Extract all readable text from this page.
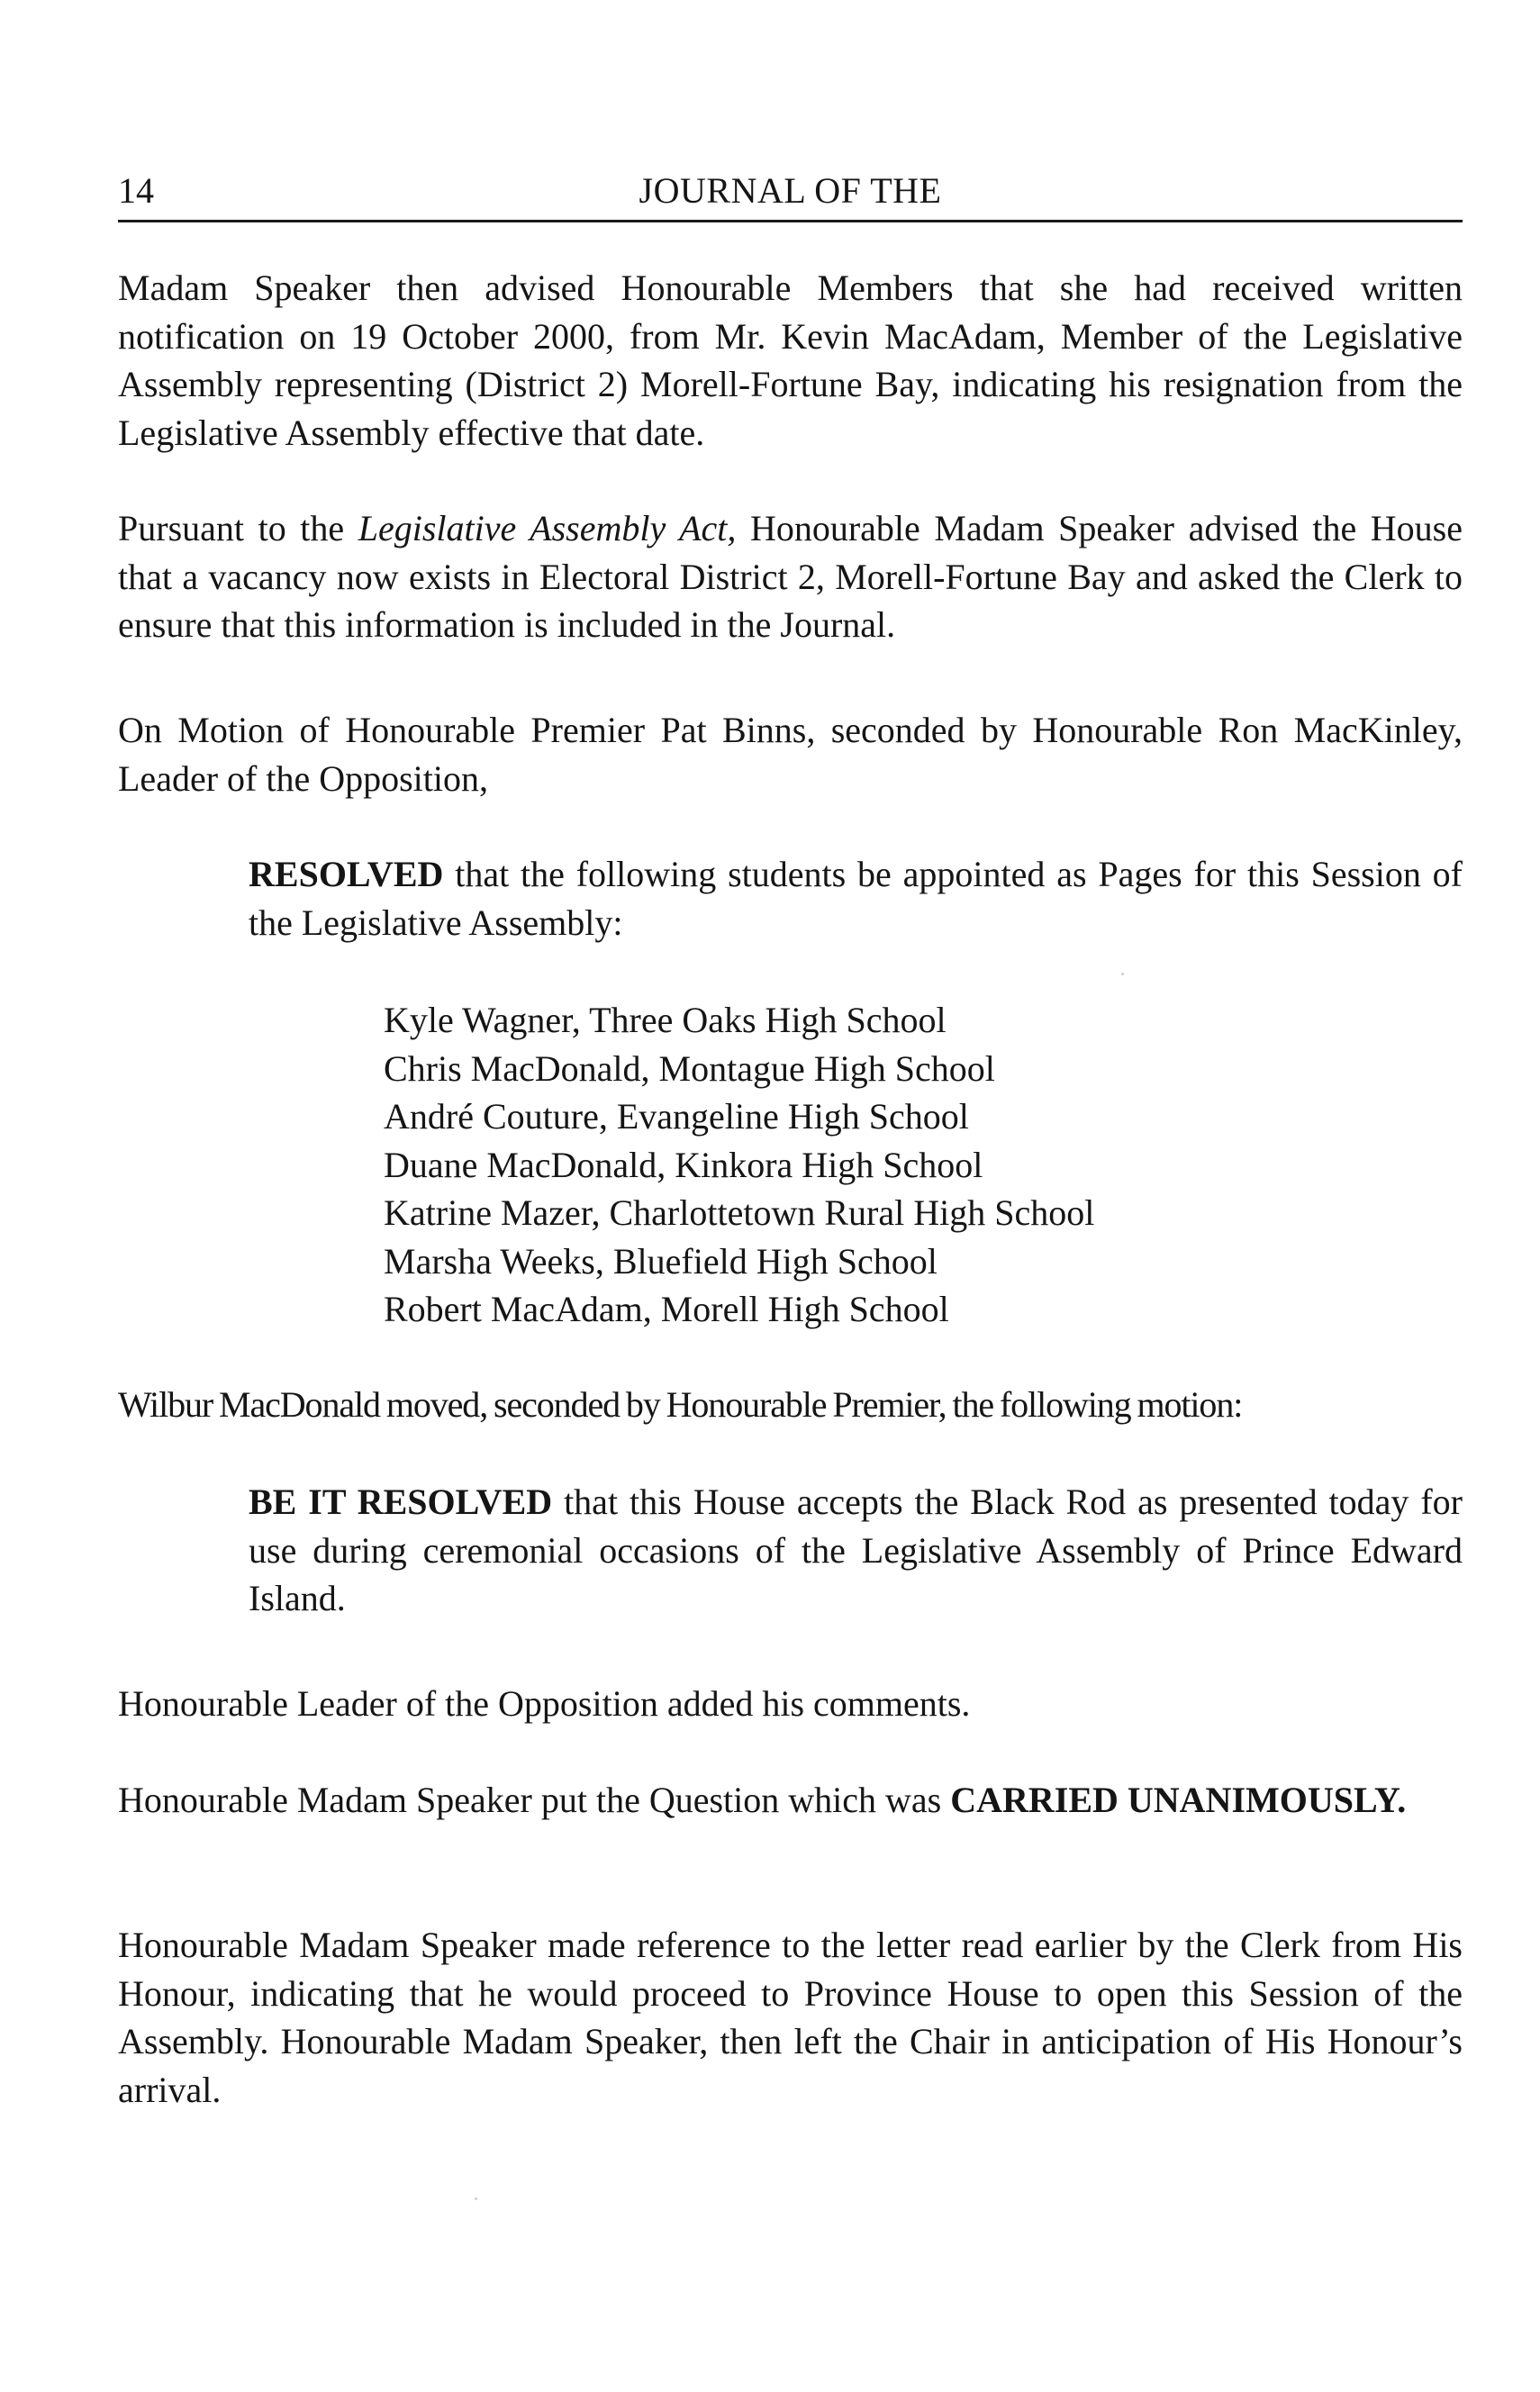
14	JOURNAL OF THE

Madam Speaker then advised Honourable Members that she had received written notification on 19 October 2000, from Mr. Kevin MacAdam, Member of the Legislative Assembly representing (District 2) Morell-Fortune Bay, indicating his resignation from the Legislative Assembly effective that date.

Pursuant to the Legislative Assembly Act, Honourable Madam Speaker advised the House that a vacancy now exists in Electoral District 2, Morell-Fortune Bay and asked the Clerk to ensure that this information is included in the Journal.

On Motion of Honourable Premier Pat Binns, seconded by Honourable Ron MacKinley, Leader of the Opposition,

RESOLVED that the following students be appointed as Pages for this Session of the Legislative Assembly:

Kyle Wagner, Three Oaks High School
Chris MacDonald, Montague High School
André Couture, Evangeline High School
Duane MacDonald, Kinkora High School
Katrine Mazer, Charlottetown Rural High School
Marsha Weeks, Bluefield High School
Robert MacAdam, Morell High School

Wilbur MacDonald moved, seconded by Honourable Premier, the following motion:

BE IT RESOLVED that this House accepts the Black Rod as presented today for use during ceremonial occasions of the Legislative Assembly of Prince Edward Island.

Honourable Leader of the Opposition added his comments.

Honourable Madam Speaker put the Question which was CARRIED UNANIMOUSLY.

Honourable Madam Speaker made reference to the letter read earlier by the Clerk from His Honour, indicating that he would proceed to Province House to open this Session of the Assembly. Honourable Madam Speaker, then left the Chair in anticipation of His Honour’s arrival.
